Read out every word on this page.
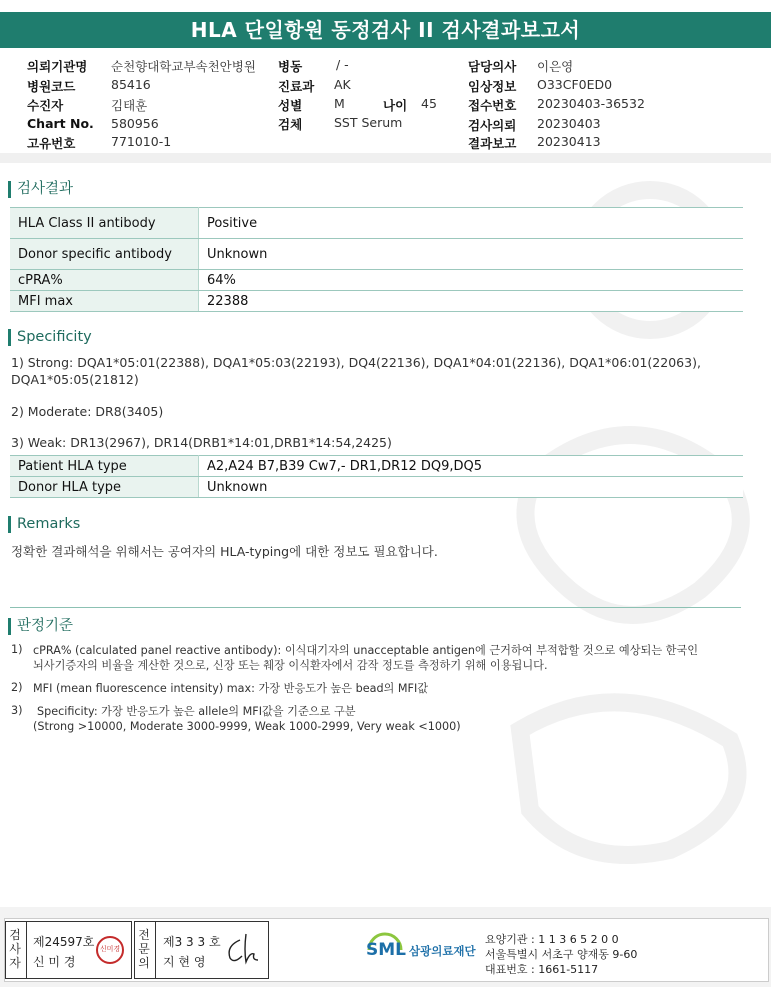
HLA 단일항원 동정검사 II 검사결과보고서
의뢰기관명 순천향대학교부속천안병원
병원코드	85416
수진자	김태훈
Chart No. 580956
고유번호	771010-1
병동	/ -
진료과 AK
성별	M	나이 45
검체	SST Serum
담당의사 이은영
임상정보 O33CF0ED0
접수번호 20230403-36532
검사의뢰 20230403
결과보고 20230413
검사결과
HLA Class II antibody	Positive
Donor specific antibody	Unknown
cPRA%	64%
MFI max	22388
Specificity
1) Strong: DQA1*05:01(22388), DQA1*05:03(22193), DQ4(22136), DQA1*04:01(22136), DQA1*06:01(22063),
DQA1*05:05(21812)
2) Moderate: DR8(3405)
3) Weak: DR13(2967), DR14(DRB1*14:01,DRB1*14:54,2425)
Patient HLA type	A2,A24 B7,B39 Cw7,- DR1,DR12 DQ9,DQ5
Donor HLA type	Unknown
Remarks
정확한 결과해석을 위해서는 공여자의 HLA-typing에 대한 정보도 필요합니다.
판정기준
1) cPRA% (calculated panel reactive antibody): 이식대기자의 unacceptable antigen에 근거하여 부적합할 것으로 예상되는 한국인
뇌사기증자의 비율을 계산한 것으로, 신장 또는 췌장 이식환자에서 감작 정도를 측정하기 위해 이용됩니다.
2) MFI (mean fluorescence intensity) max: 가장 반응도가 높은 bead의 MFI값
3) Specificity: 가장 반응도가 높은 allele의 MFI값을 기준으로 구분
(Strong >10000, Moderate 3000-9999, Weak 1000-2999, Very weak <1000)
검
사
자
제24597호
신 미 경
신미경
전
문
의
제3 3 3 호
지 현 영
SML 삼광의료재단
요양기관 : 1 1 3 6 5 2 0 0
서울특별시 서초구 양재동 9-60
대표번호 : 1661-5117
